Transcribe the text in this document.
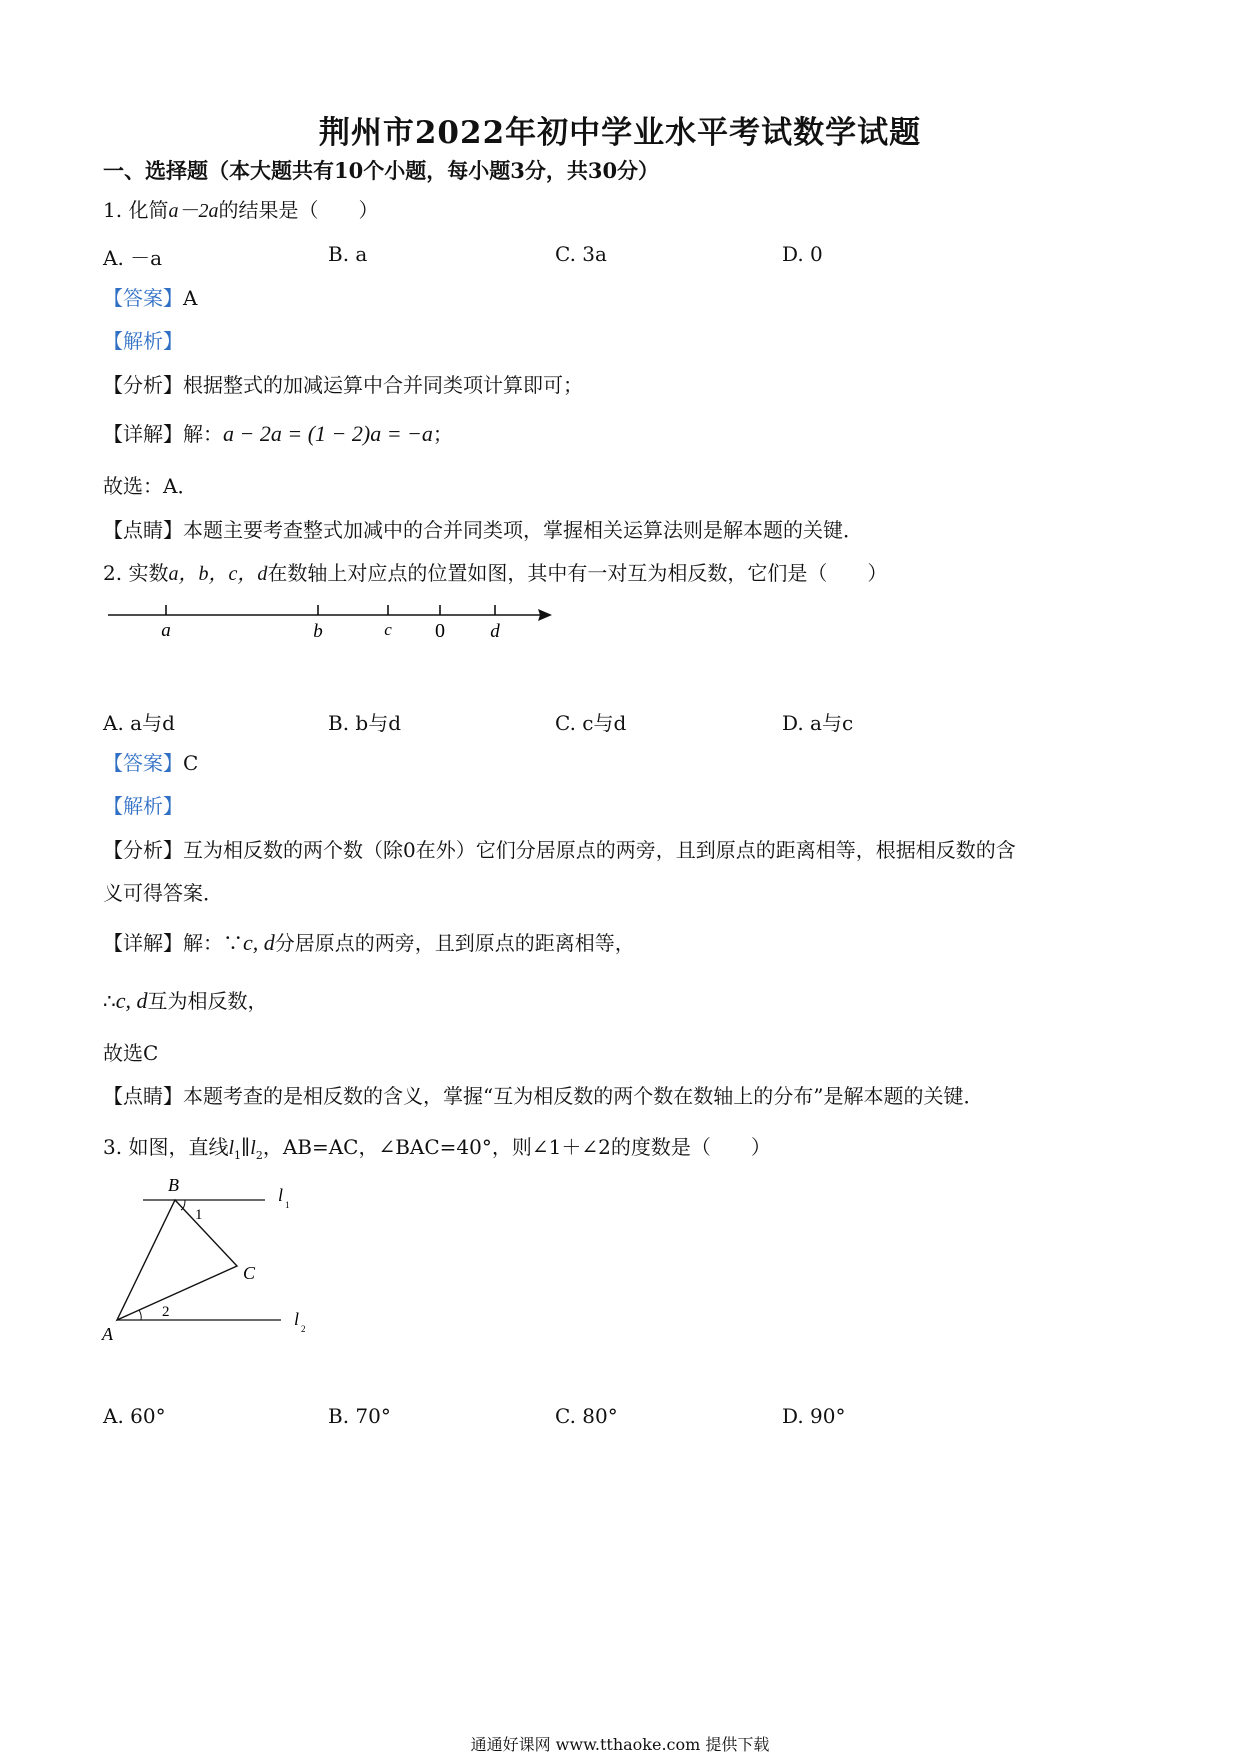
荆州市2022年初中学业水平考试数学试题
一、选择题（本大题共有10个小题，每小题3分，共30分）
1. 化简a－2a的结果是（　　）
A. －a	B. a	C. 3a	D. 0
【答案】A
【解析】
【分析】根据整式的加减运算中合并同类项计算即可；
【详解】解：a − 2a = (1 − 2)a = −a；
故选：A．
【点睛】本题主要考查整式加减中的合并同类项，掌握相关运算法则是解本题的关键．
2. 实数a，b，c，d在数轴上对应点的位置如图，其中有一对互为相反数，它们是（　　）
a	b	c 0 d
A. a与d	B. b与d	C. c与d	D. a与c
【答案】C
【解析】
【分析】互为相反数的两个数（除0在外）它们分居原点的两旁，且到原点的距离相等，根据相反数的含
义可得答案．
【详解】解：∵c, d分居原点的两旁，且到原点的距离相等，
∴c, d互为相反数，
故选C
【点睛】本题考查的是相反数的含义，掌握“互为相反数的两个数在数轴上的分布”是解本题的关键．
3. 如图，直线$l_1\parallel l_2$，AB=AC，∠BAC=40°，则∠1＋∠2的度数是（　　）
B
C
A
1
2
l 1
l 2
A. 60°	B. 70°	C. 80°	D. 90°
通通好课网 www.tthaoke.com 提供下载
